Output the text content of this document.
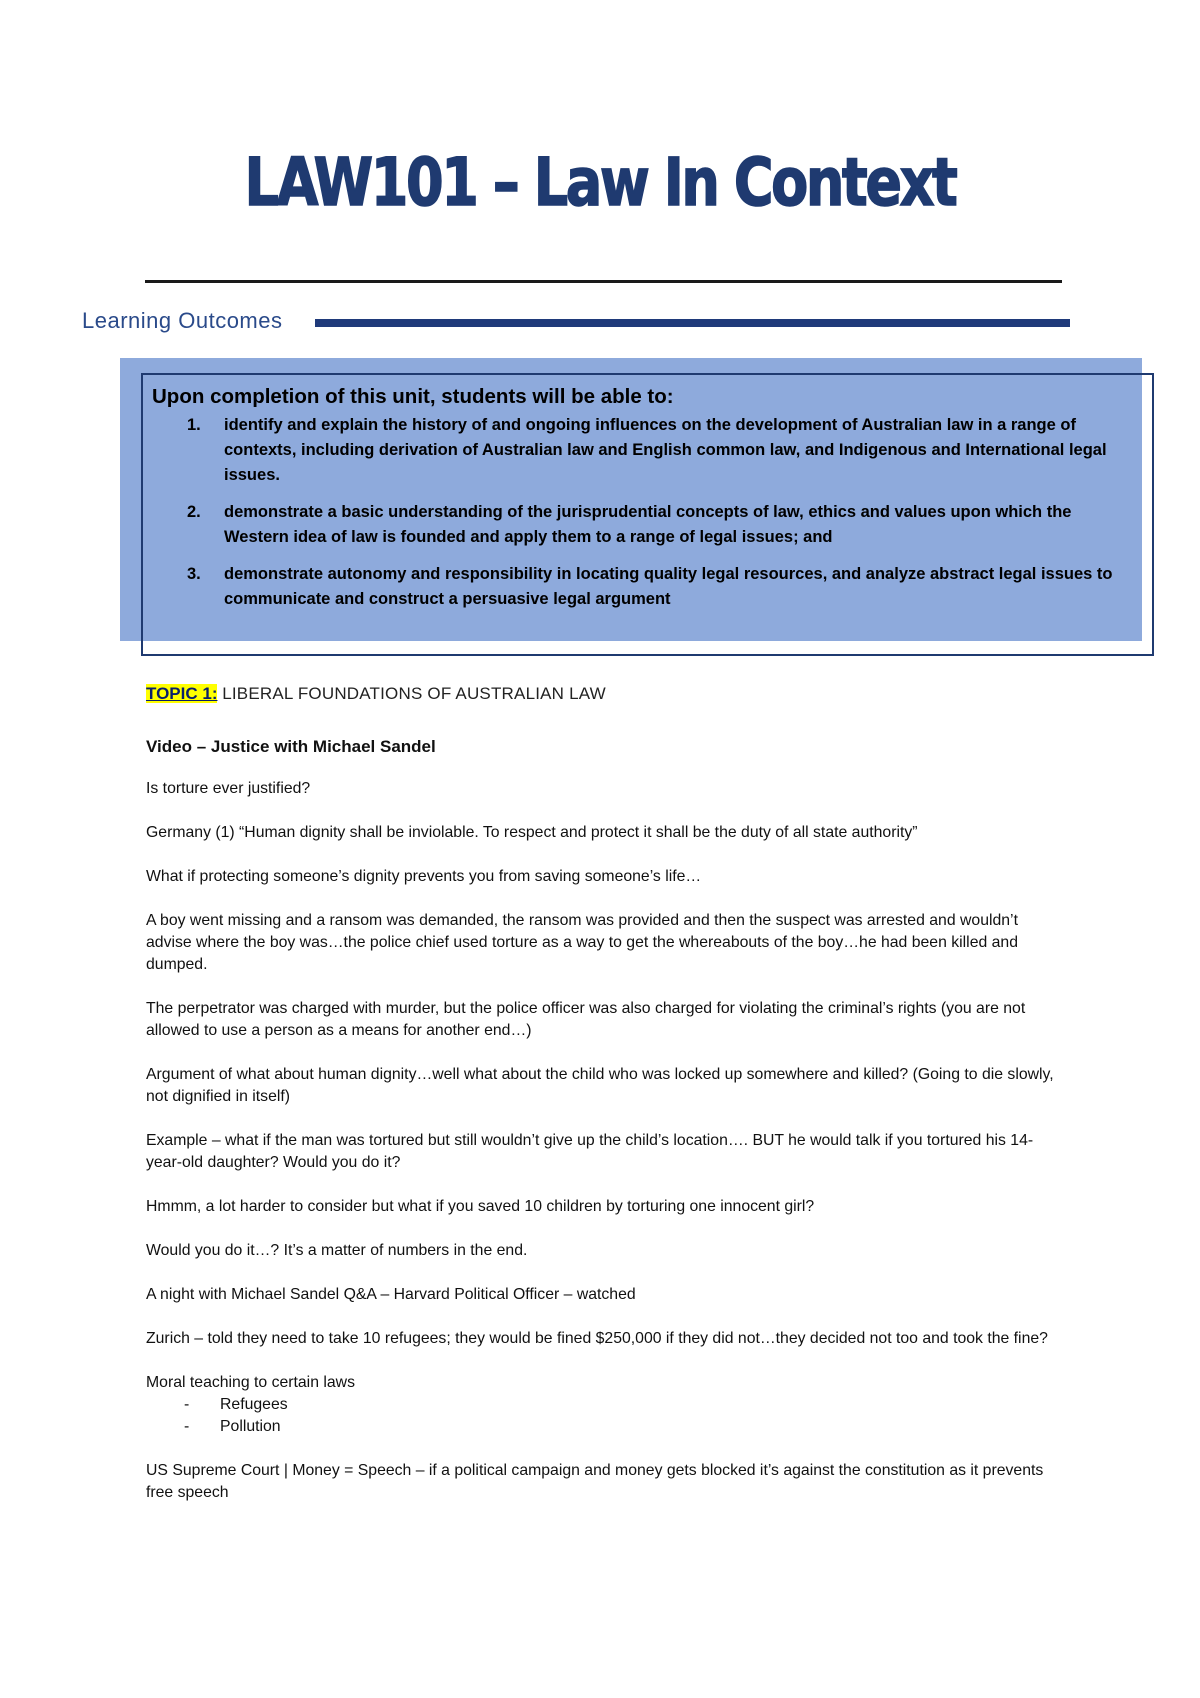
LAW101 – Law In Context
Learning Outcomes
Upon completion of this unit, students will be able to:
1. identify and explain the history of and ongoing influences on the development of Australian law in a range of contexts, including derivation of Australian law and English common law, and Indigenous and International legal issues.
2. demonstrate a basic understanding of the jurisprudential concepts of law, ethics and values upon which the Western idea of law is founded and apply them to a range of legal issues; and
3. demonstrate autonomy and responsibility in locating quality legal resources, and analyze abstract legal issues to communicate and construct a persuasive legal argument
TOPIC 1: LIBERAL FOUNDATIONS OF AUSTRALIAN LAW

Video – Justice with Michael Sandel

Is torture ever justified?

Germany (1) “Human dignity shall be inviolable. To respect and protect it shall be the duty of all state authority”

What if protecting someone’s dignity prevents you from saving someone’s life…

A boy went missing and a ransom was demanded, the ransom was provided and then the suspect was arrested and wouldn’t advise where the boy was…the police chief used torture as a way to get the whereabouts of the boy…he had been killed and dumped.

The perpetrator was charged with murder, but the police officer was also charged for violating the criminal’s rights (you are not allowed to use a person as a means for another end…)

Argument of what about human dignity…well what about the child who was locked up somewhere and killed? (Going to die slowly, not dignified in itself)

Example – what if the man was tortured but still wouldn’t give up the child’s location…. BUT he would talk if you tortured his 14-year-old daughter? Would you do it?

Hmmm, a lot harder to consider but what if you saved 10 children by torturing one innocent girl?

Would you do it…? It’s a matter of numbers in the end.

A night with Michael Sandel Q&A – Harvard Political Officer – watched

Zurich – told they need to take 10 refugees; they would be fined $250,000 if they did not…they decided not too and took the fine?

Moral teaching to certain laws

- Refugees
- Pollution

US Supreme Court | Money = Speech – if a political campaign and money gets blocked it’s against the constitution as it prevents free speech
